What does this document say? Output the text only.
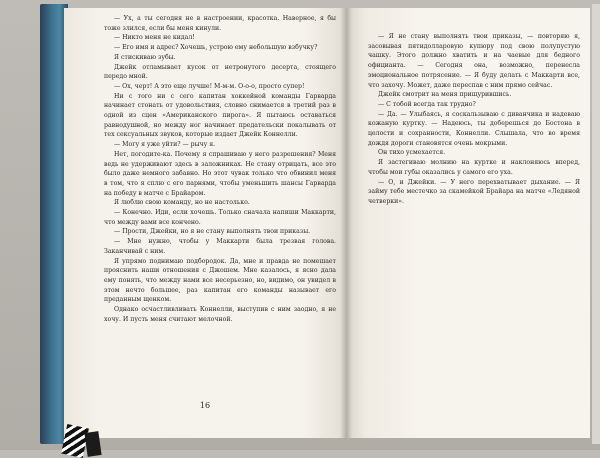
— Ух, а ты сегодня не в настроении, красотка. Наверное, я бы тоже злился, если бы меня кинули.

— Никто меня не кидал!

— Его имя и адрес? Хочешь, устрою ему небольшую взбучку?

Я стискиваю зубы.

Джейк отламывает кусок от нетронутого десерта, стоящего передо мной.

— Ох, черт! А это еще лучше! М-м-м. О-о-о, просто супер!

Ни с того ни с сего капитан хоккейной команды Гарварда начинает стонать от удовольствия, словно снимается в третий раз в одной из сцен «Американского пирога». Я пытаюсь оставаться равнодушной, но между ног начинает предательски покалывать от тех сексуальных звуков, которые издает Джейк Коннелли.

— Могу я уже уйти? — рычу я.

Нет, погодите-ка. Почему я спрашиваю у него разрешения? Меня ведь не удерживают здесь в заложниках. Не стану отрицать, все это было даже немного забавно. Но этот чувак только что обвинил меня в том, что я сплю с его парнями, чтобы уменьшить шансы Гарварда на победу в матче с Брайаром.

Я люблю свою команду, но не настолько.

— Конечно. Иди, если хочешь. Только сначала напиши Маккарти, что между вами все кончено.

— Прости, Джейки, но я не стану выполнять твои приказы.

— Мне нужно, чтобы у Маккарти была трезвая голова. Заканчивай с ним.

Я упрямо поднимаю подбородок. Да, мне и правда не помешает прояснить наши отношения с Джошем. Мне казалось, я ясно дала ему понять, что между нами все несерьезно, но, видимо, он увидел в этом нечто большее, раз капитан его команды называет его преданным щенком.

Однако осчастливливать Коннелли, выступив с ним заодно, я не хочу. И пусть меня считают мелочной.

16

— Я не стану выполнять твои приказы, — повторяю я, засовывая пятидолларовую купюру под свою полупустую чашку. Этого должно хватить и на чаевые для бедного официанта. — Сегодня она, возможно, перенесла эмоциональное потрясение. — Я буду делать с Маккарти все, что захочу. Может, даже переспав с ним прямо сейчас.

Джейк смотрит на меня прищурившись.

— С тобой всегда так трудно?

— Да. — Улыбаясь, я соскальзываю с диванчика и надеваю кожаную куртку. — Надеюсь, ты доберешься до Бостона в целости и сохранности, Коннелли. Слышала, что во время дождя дороги становятся очень мокрыми.

Он тихо усмехается.

Я застегиваю молнию на куртке и наклоняюсь вперед, чтобы мои губы оказались у самого его уха.

— О, и Джейки. — У него перехватывает дыхание. — Я займу тебе местечко за скамейкой Брайара на матче «Ледяной четверки».
